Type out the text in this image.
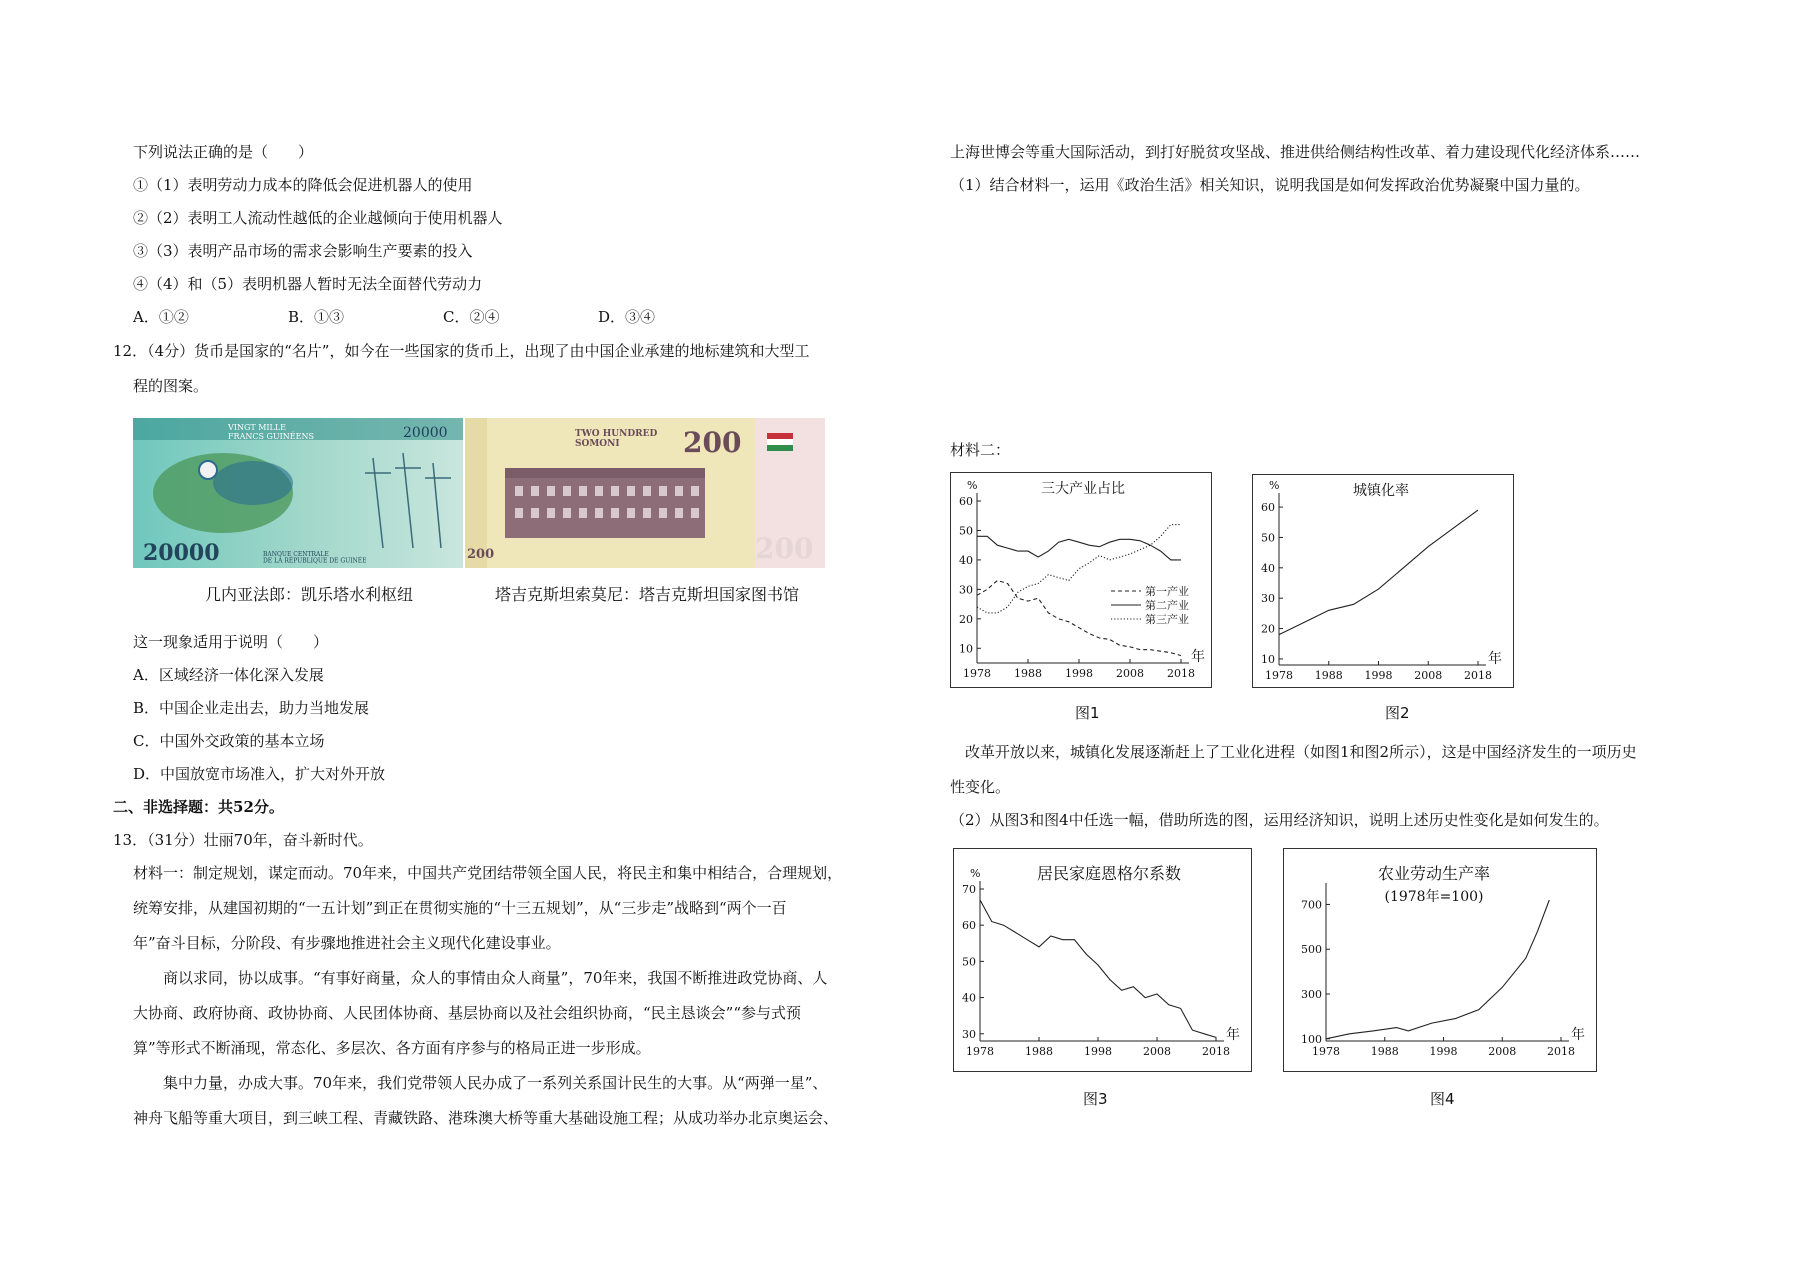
下列说法正确的是（　　）
①（1）表明劳动力成本的降低会促进机器人的使用
②（2）表明工人流动性越低的企业越倾向于使用机器人
③（3）表明产品市场的需求会影响生产要素的投入
④（4）和（5）表明机器人暂时无法全面替代劳动力
A．①②	B．①③	C．②④	D．③④
12．（4分）货币是国家的“名片”，如今在一些国家的货币上，出现了由中国企业承建的地标建筑和大型工
程的图案。
VINGT MILLE FRANCS GUINÉENS	20000
20000	BANQUE CENTRALE DE LA RÉPUBLIQUE DE GUINÉE
几内亚法郎：凯乐塔水利枢纽
TWO HUNDRED SOMONI	200
200	200
塔吉克斯坦索莫尼：塔吉克斯坦国家图书馆
这一现象适用于说明（　　）
A．区域经济一体化深入发展
B．中国企业走出去，助力当地发展
C．中国外交政策的基本立场
D．中国放宽市场准入，扩大对外开放
二、非选择题：共52分。
13．（31分）壮丽70年，奋斗新时代。
材料一：制定规划，谋定而动。70年来，中国共产党团结带领全国人民，将民主和集中相结合，合理规划，
统筹安排，从建国初期的“一五计划”到正在贯彻实施的“十三五规划”，从“三步走”战略到“两个一百
年”奋斗目标，分阶段、有步骤地推进社会主义现代化建设事业。
　　商以求同，协以成事。“有事好商量，众人的事情由众人商量”，70年来，我国不断推进政党协商、人
大协商、政府协商、政协协商、人民团体协商、基层协商以及社会组织协商，“民主恳谈会”“参与式预
算”等形式不断涌现，常态化、多层次、各方面有序参与的格局正进一步形成。
　　集中力量，办成大事。70年来，我们党带领人民办成了一系列关系国计民生的大事。从“两弹一星”、
神舟飞船等重大项目，到三峡工程、青藏铁路、港珠澳大桥等重大基础设施工程；从成功举办北京奥运会、
上海世博会等重大国际活动，到打好脱贫攻坚战、推进供给侧结构性改革、着力建设现代化经济体系……
（1）结合材料一，运用《政治生活》相关知识，说明我国是如何发挥政治优势凝聚中国力量的。
材料二：
三大产业占比
%
年
10
20
30
40
50
60
1978 1988 1998 2008 2018
第一产业
第二产业
第三产业
图1
城镇化率
%
年
10
20
30
40
50
60
1978 1988 1998 2008 2018
图2
　改革开放以来，城镇化发展逐渐赶上了工业化进程（如图1和图2所示），这是中国经济发生的一项历史
性变化。
（2）从图3和图4中任选一幅，借助所选的图，运用经济知识，说明上述历史性变化是如何发生的。
居民家庭恩格尔系数
%
年
30
40
50
60
70
1978	1988	1998	2008	2018
图3
农业劳动生产率
(1978年=100)
年
100
300
500
700
1978	1988	1998	2008	2018
图4
